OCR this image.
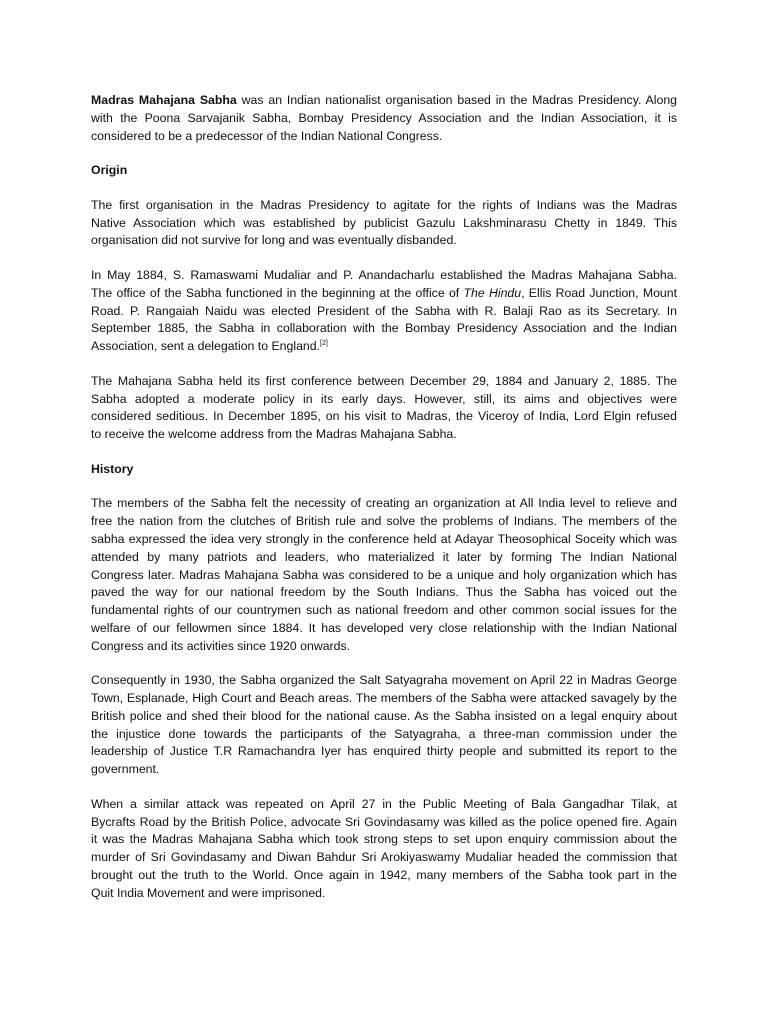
Madras Mahajana Sabha was an Indian nationalist organisation based in the Madras Presidency. Along
with the Poona Sarvajanik Sabha, Bombay Presidency Association and the Indian Association, it is
considered to be a predecessor of the Indian National Congress.
Origin
The first organisation in the Madras Presidency to agitate for the rights of Indians was the Madras
Native Association which was established by publicist Gazulu Lakshminarasu Chetty in 1849. This
organisation did not survive for long and was eventually disbanded.
In May 1884, S. Ramaswami Mudaliar and P. Anandacharlu established the Madras Mahajana Sabha.
The office of the Sabha functioned in the beginning at the office of The Hindu, Ellis Road Junction, Mount
Road. P. Rangaiah Naidu was elected President of the Sabha with R. Balaji Rao as its Secretary. In
September 1885, the Sabha in collaboration with the Bombay Presidency Association and the Indian
Association, sent a delegation to England.[2]
The Mahajana Sabha held its first conference between December 29, 1884 and January 2, 1885. The
Sabha adopted a moderate policy in its early days. However, still, its aims and objectives were
considered seditious. In December 1895, on his visit to Madras, the Viceroy of India, Lord Elgin refused
to receive the welcome address from the Madras Mahajana Sabha.
History
The members of the Sabha felt the necessity of creating an organization at All India level to relieve and
free the nation from the clutches of British rule and solve the problems of Indians. The members of the
sabha expressed the idea very strongly in the conference held at Adayar Theosophical Soceity which was
attended by many patriots and leaders, who materialized it later by forming The Indian National
Congress later. Madras Mahajana Sabha was considered to be a unique and holy organization which has
paved the way for our national freedom by the South Indians. Thus the Sabha has voiced out the
fundamental rights of our countrymen such as national freedom and other common social issues for the
welfare of our fellowmen since 1884. It has developed very close relationship with the Indian National
Congress and its activities since 1920 onwards.
Consequently in 1930, the Sabha organized the Salt Satyagraha movement on April 22 in Madras George
Town, Esplanade, High Court and Beach areas. The members of the Sabha were attacked savagely by the
British police and shed their blood for the national cause. As the Sabha insisted on a legal enquiry about
the injustice done towards the participants of the Satyagraha, a three-man commission under the
leadership of Justice T.R Ramachandra Iyer has enquired thirty people and submitted its report to the
government.
When a similar attack was repeated on April 27 in the Public Meeting of Bala Gangadhar Tilak, at
Bycrafts Road by the British Police, advocate Sri Govindasamy was killed as the police opened fire. Again
it was the Madras Mahajana Sabha which took strong steps to set upon enquiry commission about the
murder of Sri Govindasamy and Diwan Bahdur Sri Arokiyaswamy Mudaliar headed the commission that
brought out the truth to the World. Once again in 1942, many members of the Sabha took part in the
Quit India Movement and were imprisoned.
